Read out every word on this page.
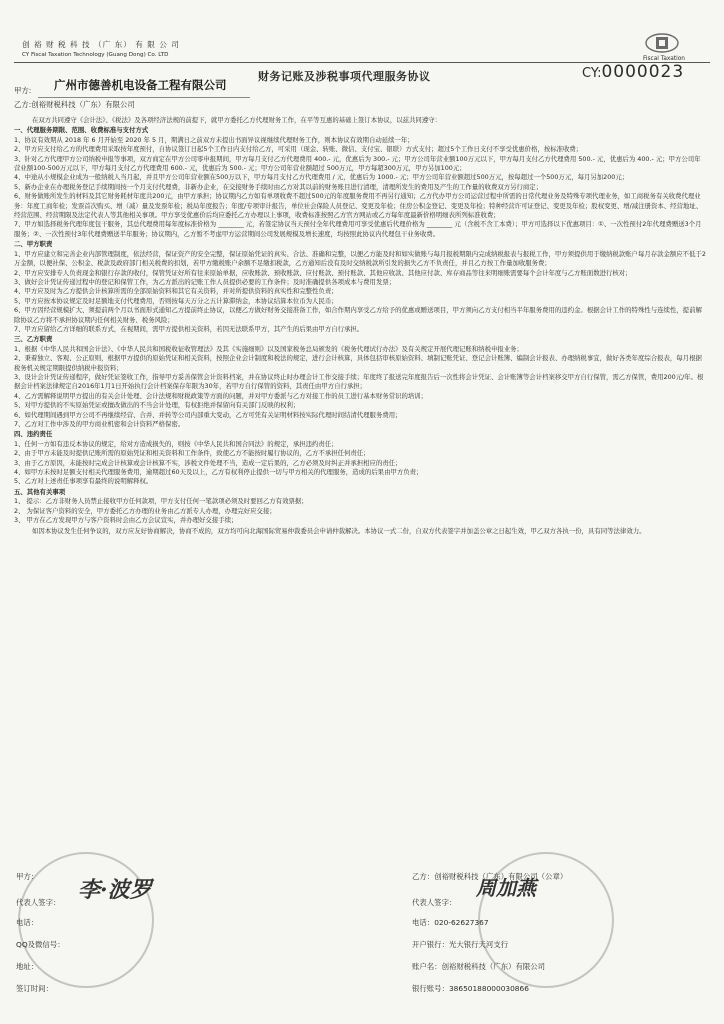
创 裕 财 税 科 技 （广 东） 有 限 公 司
CY Fiscal Taxation Technology (Guang Dong) Co. LTD
Fiscal Taxation
财务记账及涉税事项代理服务协议	CY:0000023
甲方: 广州市德善机电设备工程有限公司
乙方:创裕财税科技（广东）有限公司
在双方共同遵守《会计法》、《税法》及各项经济法规的前提下，就甲方委托乙方代理财务工作，在平等互惠的基础上签订本协议，以兹共同遵守：
一、代理服务期限、范围、收费标准与支付方式
1、协议有效期从 2018 年 6 月开始至 2020 年 5 月，期满日之前双方未提出书面异议视继续代理财务工作，则本协议有效期自动延续一年；
2、甲方应支付给乙方的代理费用采取按年度预付，自协议签订日起5个工作日内支付给乙方，可采用（现金、转账、微信、支付宝、银联）方式支付；超过5个工作日支付不享受优惠价格，按标准收费；
3、针对乙方代理甲方公司纳税申报等事项，双方商定在甲方公司零申报期间，甲方每月支付乙方代理费用 400.- 元，优惠后为 300.- 元；甲方公司年营业额100万元以下，甲方每月支付乙方代理费用 500.- 元，优惠后为 400.- 元；甲方公司年营业额100-500万元以下，甲方每月支付乙方代理费用 600.- 元，优惠后为 500.- 元；甲方公司年营业额超过 500万元，甲方每超300万元，甲方另加100元；
4、中途从小规模企业成为一般纳税人当月起，并且甲方公司年营业额在500万以下，甲方每月支付乙方代理费用 / 元，优惠后为 1000.- 元；甲方公司年营业额超过500万元，按每超过一个500万元，每月另加200元；
5、新办企业在办理税务登记手续期间按一个月支付代理费，非新办企业，在交接财务手续时由乙方对其以前的财务账目进行清理，清理所发生的费用及产生的工作量的收费双方另行商定；
6、财务做账所发生的材料及其它财务耗材年度共200元，由甲方承担；协议期内乙方如有单项收费不超过500元的年度服务费用不再另行通知；乙方代办甲方公司运营过程中所需的日常代理业务及特殊专项代理业务，如工商税务有关收费代理业务：年度工商年检；发票首次购买、增（减）量及发票年检；税局年度报告；年度/专项审计报告，单位社会保险人员登记、变更及年检；住房公积金登记、变更及年检；特种经营许可证登记、变更及年检；股权变更、增/减注册资本、经营地址、经营范围、经营期限及法定代表人等其他相关事项。甲方享受优惠价后均应委托乙方办理以上事项，收费标准按照乙方官方网站或乙方每年度最新价格明细表所列标准收费；
7、甲方如选择税务代理年度包干服务，其总代理费用每年度标准价格为 ________ 元，若签定协议当天预付全年代理费用可享受优惠后代理价格为 ________ 元（含税不含工本费）；甲方可选择以下优惠项目：①、一次性预付2年代理费赠送3个月服务；②、一次性预付3年代理费赠送半年服务；协议期内，乙方暂不考虑甲方运营期间公司发展规模及增长速度，均按照此协议内代理包干业务收费。
二、甲方职责
1、甲方应建立和完善企业内部管理制度，依法经营，保证资产的安全完整，保证原始凭证的真实、合法、准确和完整，以便乙方能及时和如实做账与每月报税期限内完成纳税报表与报税工作，甲方须提供用于缴纳税款账户每月存款金额应不低于2万金额，以便社保、公积金、税款及政府部门相关税费的扣划，若甲方缴税账户余额不足缴扣税款，乙方通知后没有及时交纳税款所引发的损失乙方不负责任，并且乙方按工作量加收服务费；
2、甲方应安排专人负责现金和银行存款的收付，保管凭证好所有往来原始单据，应收账款、预收账款、应付账款、预付账款、其他应收款、其他应付款、库存商品等往来明细账需要每个会计年度与乙方账面数进行核对；
3、做好会计凭证传递过程中的登记和保管工作，为乙方派出的记账工作人员提供必要的工作条件；及时准确提供各项成本与费用发票；
4、甲方应及时为乙方提供会计核算所需的全部原始资料和其它有关资料，并对所提供资料的真实性和完整性负责；
5、甲方应按本协议规定及时足额地支付代理费用，否则按每天万分之五计算滞纳金，本协议结算本位币为人民币；
6、甲方因经营规模扩大、须提前两个月以书面形式通知乙方提前终止协议，以便乙方做好财务交接准备工作，如合作期内享受乙方给予的优惠或赠送项目，甲方须向乙方支付相当半年服务费用的违约金。根据会计工作的特殊性与连续性，提前解除协议乙方将不承担协议期内任何相关财务、税务风险；
7、甲方应留给乙方详细的联系方式，在视期间，需甲方提供相关资料，若因无法联系甲方，其产生的后果由甲方自行承担。
三、乙方职责
1、根据《中华人民共和国会计法》、《中华人民共和国税收征收管理法》及其《实施细则》以及国家税务总局颁发的《税务代理试行办法》及有关规定开展代理记账和纳税申报业务；
2、秉着独立、客观、公正原则，根据甲方提供的原始凭证和相关资料，按照企业会计制度和税法的规定，进行会计核算，具体包括审核原始资料、填制记账凭证、登记会计账簿、编制会计报表、办理纳税事宜，做好各类年度综合报表，每月根据税务机关规定期限提供纳税申报资料；
3、设计会计凭证传递程序，做好凭证签收工作，指导甲方妥善保管会计资料档案，并在协议终止时办理会计工作交接手续；年度终了报送完年度报告后一次性将会计凭证、会计账簿等会计档案移交甲方自行保管，需乙方保管，费用200元/年。根据会计档案法律规定自2016年1月1日开始执行会计档案保存年限为30年，若甲方自行保管的资料，其责任由甲方自行承担；
4、乙方需解释说明甲方提出的有关会计处理、会计法规和财税政策等方面的问题，并对甲方委派与乙方对接工作的员工进行基本财务常识的培训；
5、对甲方提供的不实原始凭证或擅改做出的不当会计处理，有权拒绝并保留向有关部门反映的权利；
6、如代理期间遇到甲方公司不再继续经营、合并、并转等公司内部重大变动，乙方可凭有关证明材料按实际代理时间结清代理服务费用；
7、乙方对工作中涉及的甲方商业机密和会计资料严格保密。
四、违约责任
1、任何一方如有违反本协议的规定，给对方造成损失的，则按《中华人民共和国合同法》的规定，承担违约责任；
2、由于甲方未能及时提供记账所需的原始凭证和相关资料和工作条件，致使乙方不能按时履行协议的，乙方不承担任何责任；
3、由于乙方原因，未能按时完成会计核算或会计核算不实，涉税文件处理不当，造成一定后果的，乙方必须及时纠正并承担相应的责任；
4、如甲方未按时足额支付相关代理服务费用，逾期超过60天及以上，乙方有权利停止提供一切与甲方相关的代理服务，造成的后果由甲方负责；
5、乙方对上述责任事项享有最终的说明解释权。
五、其他有关事项
1、 提示：乙方非财务人员禁止接收甲方任何款项，甲方支付任何一笔款项必须及时要回乙方有效票据；
2、 为保证客户资料的安全，甲方委托乙方办理的业务由乙方派专人办理，办理完好应交接；
3、 甲方在乙方发现甲方与客户资料时会由乙方会议宣实，并办理好交接手续；
如因本协议发生任何争议的，双方应友好协商解决，协商不成的，双方均可向北海国际贸易仲裁委员会申请仲裁解决。本协议一式二份，自双方代表签字并加盖公章之日起生效，甲乙双方各执一份，具有同等法律效力。
甲方：
代表人签字： 李·波罗
电话：
QQ及微信号：
地址：
签订时间：
乙方：创裕财税科技（广东）有限公司（公章）
代表人签字：
周加燕
电话：020-62627367
开户银行：光大银行天河支行
账户名：创裕财税科技（广东）有限公司
银行账号：38650188000030866
